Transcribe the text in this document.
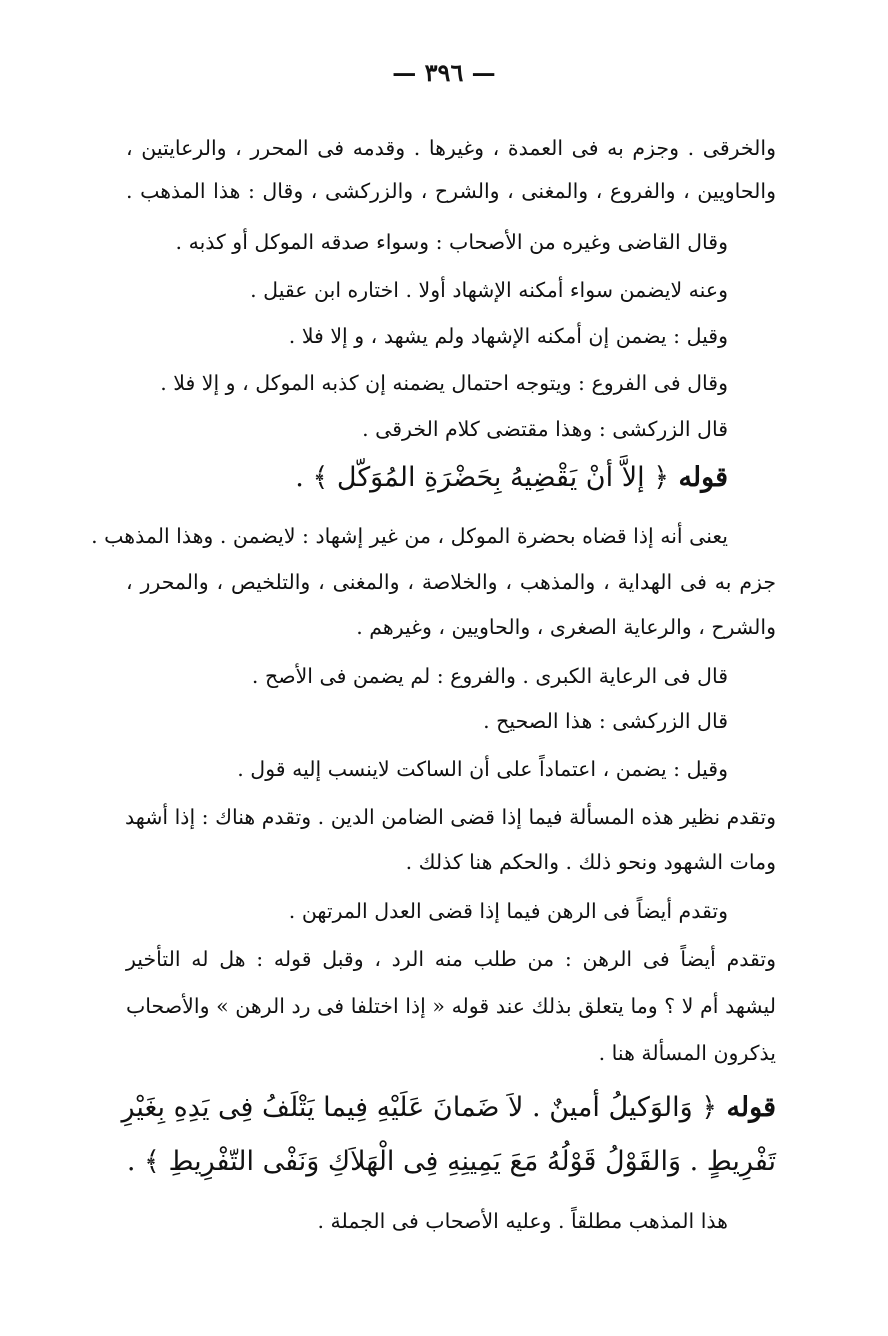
— ٣٩٦ —
والخرقى . وجزم به فى العمدة ، وغيرها . وقدمه فى المحرر ، والرعايتين ،
والحاويين ، والفروع ، والمغنى ، والشرح ، والزركشى ، وقال : هذا المذهب .
وقال القاضى وغيره من الأصحاب : وسواء صدقه الموكل أو كذبه .
وعنه لايضمن سواء أمكنه الإشهاد أولا . اختاره ابن عقيل .
وقيل : يضمن إن أمكنه الإشهاد ولم يشهد ، و إلا فلا .
وقال فى الفروع : ويتوجه احتمال يضمنه إن كذبه الموكل ، و إلا فلا .
قال الزركشى : وهذا مقتضى كلام الخرقى .
قوله ﴿ إلاَّ أنْ يَقْضِيهُ بِحَضْرَةِ المُوَكّل ﴾ .
يعنى أنه إذا قضاه بحضرة الموكل ، من غير إشهاد : لايضمن . وهذا المذهب .
جزم به فى الهداية ، والمذهب ، والخلاصة ، والمغنى ، والتلخيص ، والمحرر ،
والشرح ، والرعاية الصغرى ، والحاويين ، وغيرهم .
قال فى الرعاية الكبرى . والفروع : لم يضمن فى الأصح .
قال الزركشى : هذا الصحيح .
وقيل : يضمن ، اعتماداً على أن الساكت لاينسب إليه قول .
وتقدم نظير هذه المسألة فيما إذا قضى الضامن الدين . وتقدم هناك : إذا أشهد
ومات الشهود ونحو ذلك . والحكم هنا كذلك .
وتقدم أيضاً فى الرهن فيما إذا قضى العدل المرتهن .
وتقدم أيضاً فى الرهن : من طلب منه الرد ، وقبل قوله : هل له التأخير
ليشهد أم لا ؟ وما يتعلق بذلك عند قوله « إذا اختلفا فى رد الرهن » والأصحاب
يذكرون المسألة هنا .
قوله ﴿ وَالوَكيلُ أمينٌ . لاَ ضَمانَ عَلَيْهِ فِيما يَتْلَفُ فِى يَدِهِ بِغَيْرِ
تَفْرِيطٍ . وَالقَوْلُ قَوْلُهُ مَعَ يَمِينِهِ فِى الْهَلاَكِ وَنَفْى التّفْرِيطِ ﴾ .
هذا المذهب مطلقاً . وعليه الأصحاب فى الجملة .
